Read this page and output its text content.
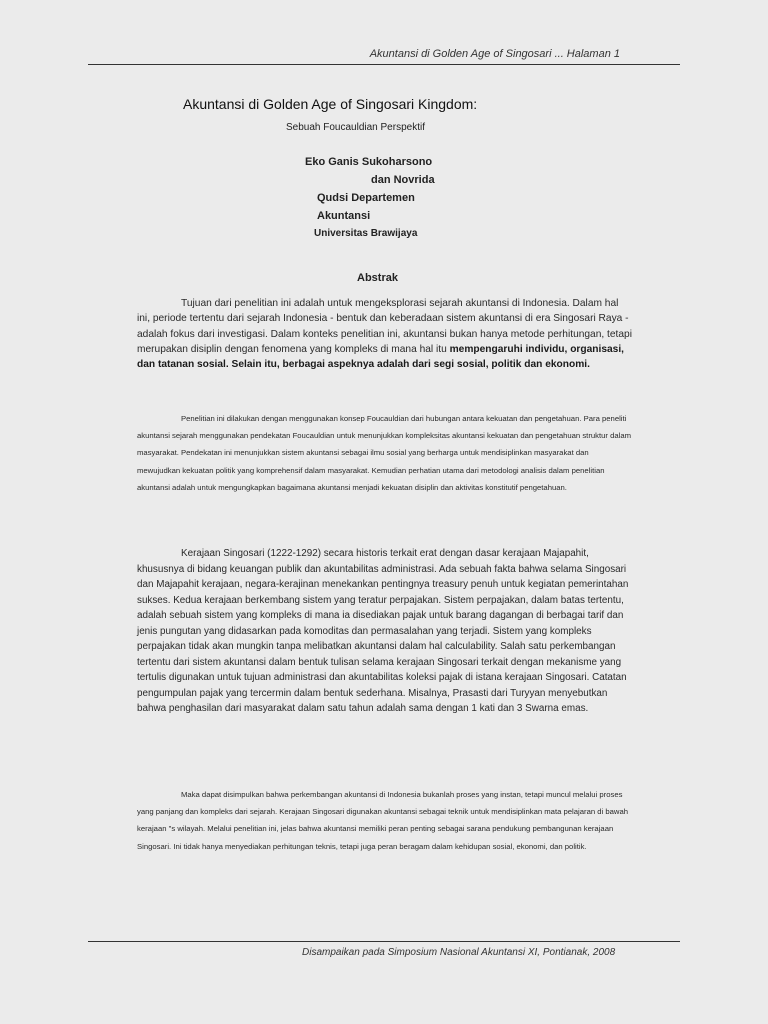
Akuntansi di Golden Age of Singosari ... Halaman 1
Akuntansi di Golden Age of Singosari Kingdom:
Sebuah Foucauldian Perspektif
Eko Ganis Sukoharsono
dan Novrida
Qudsi Departemen
Akuntansi
Universitas Brawijaya
Abstrak

Tujuan dari penelitian ini adalah untuk mengeksplorasi sejarah akuntansi di Indonesia. Dalam hal ini, periode tertentu dari sejarah Indonesia - bentuk dan keberadaan sistem akuntansi di era Singosari Raya - adalah fokus dari investigasi. Dalam konteks penelitian ini, akuntansi bukan hanya metode perhitungan, tetapi merupakan disiplin dengan fenomena yang kompleks di mana hal itu mempengaruhi individu, organisasi, dan tatanan sosial. Selain itu, berbagai aspeknya adalah dari segi sosial, politik dan ekonomi.

Penelitian ini dilakukan dengan menggunakan konsep Foucauldian dari hubungan antara kekuatan dan pengetahuan. Para peneliti akuntansi sejarah menggunakan pendekatan Foucauldian untuk menunjukkan kompleksitas akuntansi kekuatan dan pengetahuan struktur dalam masyarakat. Pendekatan ini menunjukkan sistem akuntansi sebagai ilmu sosial yang berharga untuk mendisiplinkan masyarakat dan mewujudkan kekuatan politik yang komprehensif dalam masyarakat. Kemudian perhatian utama dari metodologi analisis dalam penelitian akuntansi adalah untuk mengungkapkan bagaimana akuntansi menjadi kekuatan disiplin dan aktivitas konstitutif pengetahuan.

Kerajaan Singosari (1222-1292) secara historis terkait erat dengan dasar kerajaan Majapahit, khususnya di bidang keuangan publik dan akuntabilitas administrasi. Ada sebuah fakta bahwa selama Singosari dan Majapahit kerajaan, negara-kerajinan menekankan pentingnya treasury penuh untuk kegiatan pemerintahan sukses. Kedua kerajaan berkembang sistem yang teratur perpajakan. Sistem perpajakan, dalam batas tertentu, adalah sebuah sistem yang kompleks di mana ia disediakan pajak untuk barang dagangan di berbagai tarif dan jenis pungutan yang didasarkan pada komoditas dan permasalahan yang terjadi. Sistem yang kompleks perpajakan tidak akan mungkin tanpa melibatkan akuntansi dalam hal calculability. Salah satu perkembangan tertentu dari sistem akuntansi dalam bentuk tulisan selama kerajaan Singosari terkait dengan mekanisme yang tertulis digunakan untuk tujuan administrasi dan akuntabilitas koleksi pajak di istana kerajaan Singosari. Catatan pengumpulan pajak yang tercermin dalam bentuk sederhana. Misalnya, Prasasti dari Turyyan menyebutkan bahwa penghasilan dari masyarakat dalam satu tahun adalah sama dengan 1 kati dan 3 Swarna emas.

Maka dapat disimpulkan bahwa perkembangan akuntansi di Indonesia bukanlah proses yang instan, tetapi muncul melalui proses yang panjang dan kompleks dari sejarah. Kerajaan Singosari digunakan akuntansi sebagai teknik untuk mendisiplinkan mata pelajaran di bawah kerajaan "s wilayah. Melalui penelitian ini, jelas bahwa akuntansi memiliki peran penting sebagai sarana pendukung pembangunan kerajaan Singosari. Ini tidak hanya menyediakan perhitungan teknis, tetapi juga peran beragam dalam kehidupan sosial, ekonomi, dan politik.

Disampaikan pada Simposium Nasional Akuntansi XI, Pontianak, 2008
